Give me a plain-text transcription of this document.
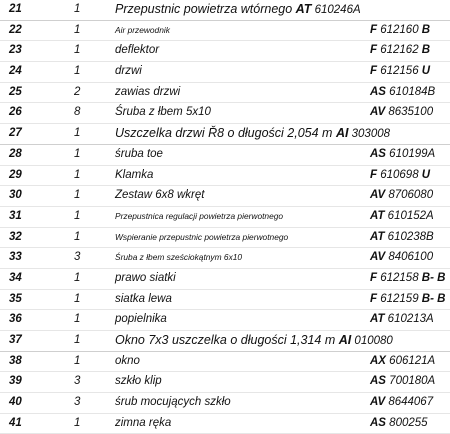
21	1	Przepustnic powietrza wtórnego AT 610246A
22	1	Air przewodnik	F 612160 B
23	1	deflektor	F 612162 B
24	1	drzwi	F 612156 U
25	2	zawias drzwi	AS 610184B
26	8	Śruba z łbem 5x10	AV 8635100
27	1	Uszczelka drzwi Ř8 o długości 2,054 m AI 303008
28	1	śruba toe	AS 610199A
29	1	Klamka	F 610698 U
30	1	Zestaw 6x8 wkręt	AV 8706080
31	1	Przepustnica regulacji powietrza pierwotnego	AT 610152A
32	1	Wspieranie przepustnic powietrza pierwotnego	AT 610238B
33	3	Śruba z łbem sześciokątnym 6x10	AV 8406100
34	1	prawo siatki	F 612158 B- B
35	1	siatka lewa	F 612159 B- B
36	1	popielnika	AT 610213A
37	1	Okno 7x3 uszczelka o długości 1,314 m AI 010080
38	1	okno	AX 606121A
39	3	szkło klip	AS 700180A
40	3	śrub mocujących szkło	AV 8644067
41	1	zimna ręka	AS 800255
